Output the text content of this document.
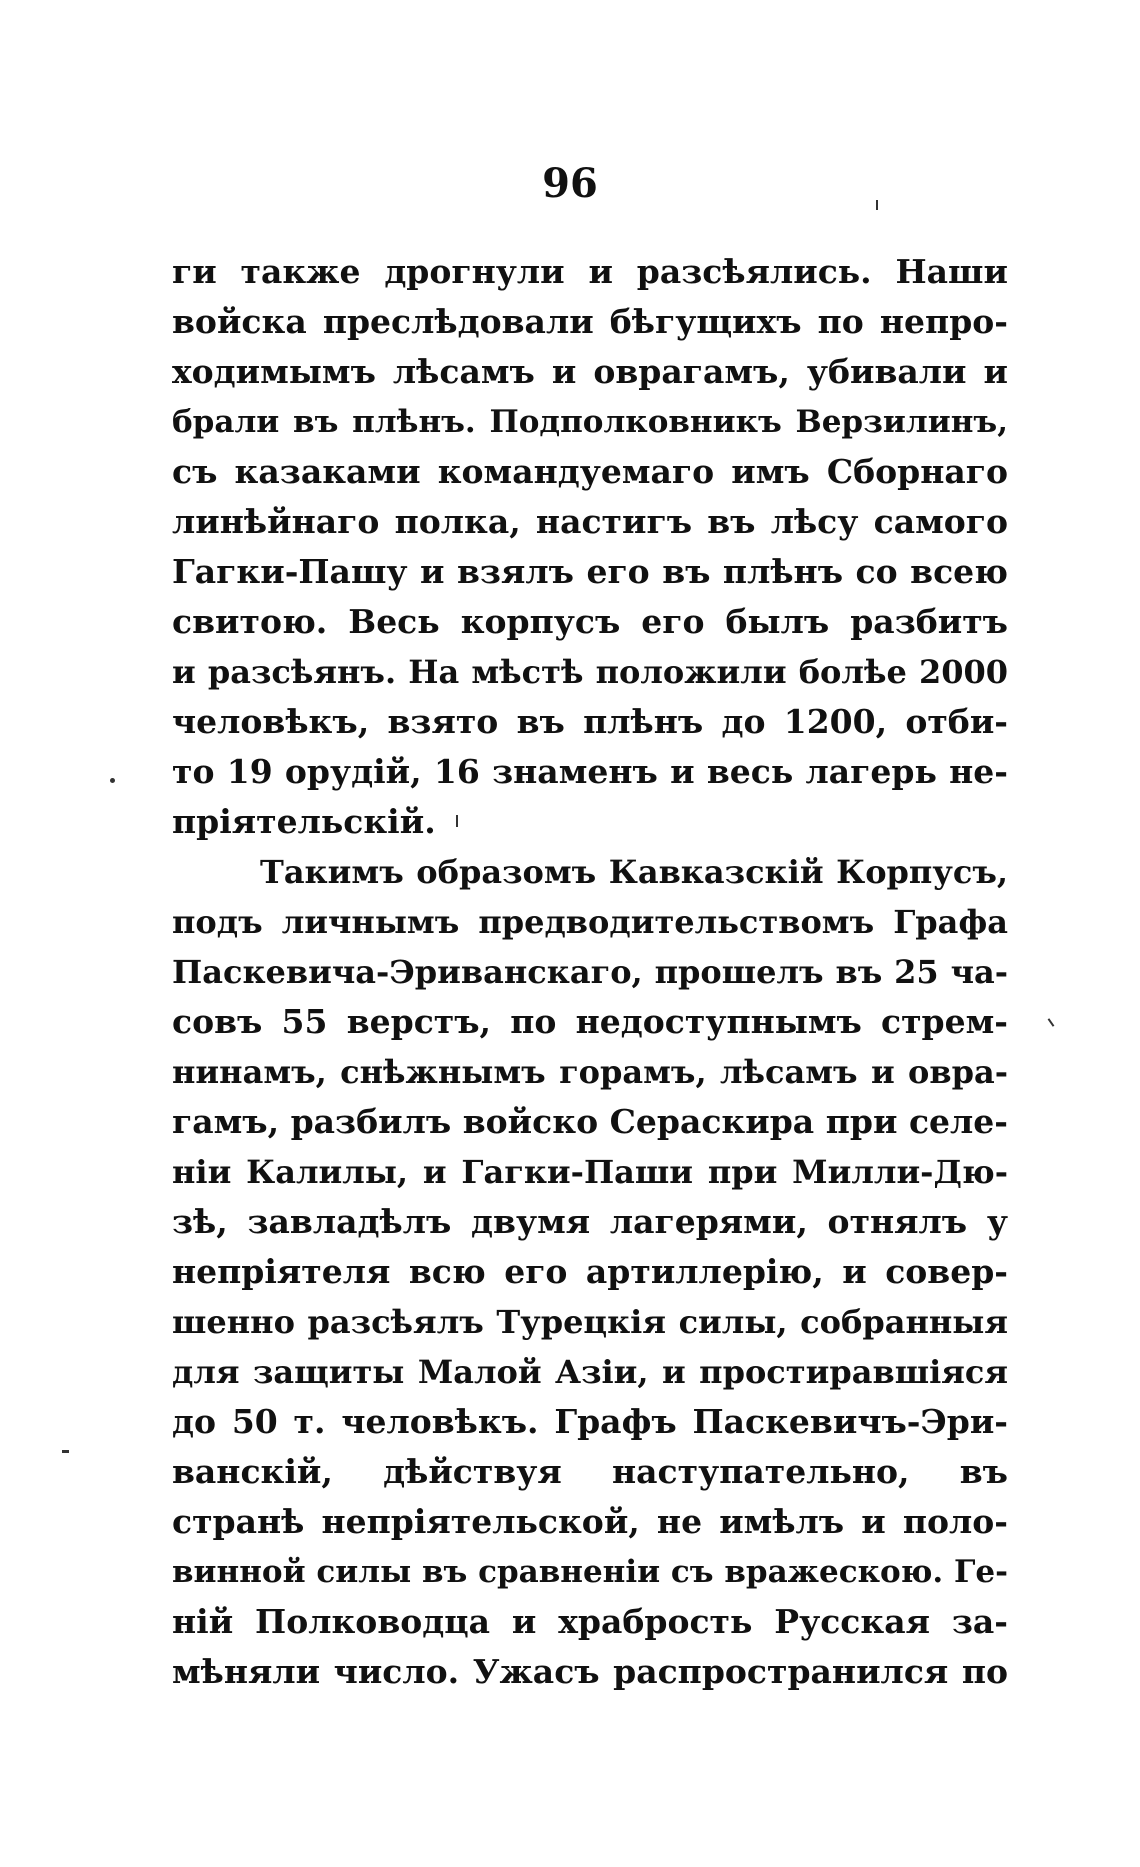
96
ги также дрогнули и разсѣялись. Наши
войска преслѣдовали бѣгущихъ по непро-
ходимымъ лѣсамъ и оврагамъ, убивали и
брали въ плѣнъ. Подполковникъ Верзилинъ,
съ казаками командуемаго имъ Сборнаго
линѣйнаго полка, настигъ въ лѣсу самого
Гагки-Пашу и взялъ его въ плѣнъ со всею
свитою. Весь корпусъ его былъ разбитъ
и разсѣянъ. На мѣстѣ положили болѣе 2000
человѣкъ, взято въ плѣнъ до 1200, отби-
то 19 орудій, 16 знаменъ и весь лагерь не-
пріятельскій.
Такимъ образомъ Кавказскій Корпусъ,
подъ личнымъ предводительствомъ Графа
Паскевича-Эриванскаго, прошелъ въ 25 ча-
совъ 55 верстъ, по недоступнымъ стрем-
нинамъ, снѣжнымъ горамъ, лѣсамъ и овра-
гамъ, разбилъ войско Сераскира при селе-
ніи Калилы, и Гагки-Паши при Милли-Дю-
зѣ, завладѣлъ двумя лагерями, отнялъ у
непріятеля всю его артиллерію, и совер-
шенно разсѣялъ Турецкія силы, собранныя
для защиты Малой Азіи, и простиравшіяся
до 50 т. человѣкъ. Графъ Паскевичъ-Эри-
ванскій, дѣйствуя наступательно, въ
странѣ непріятельской, не имѣлъ и поло-
винной силы въ сравненіи съ вражескою. Ге-
ній Полководца и храбрость Русская за-
мѣняли число. Ужасъ распространился по
